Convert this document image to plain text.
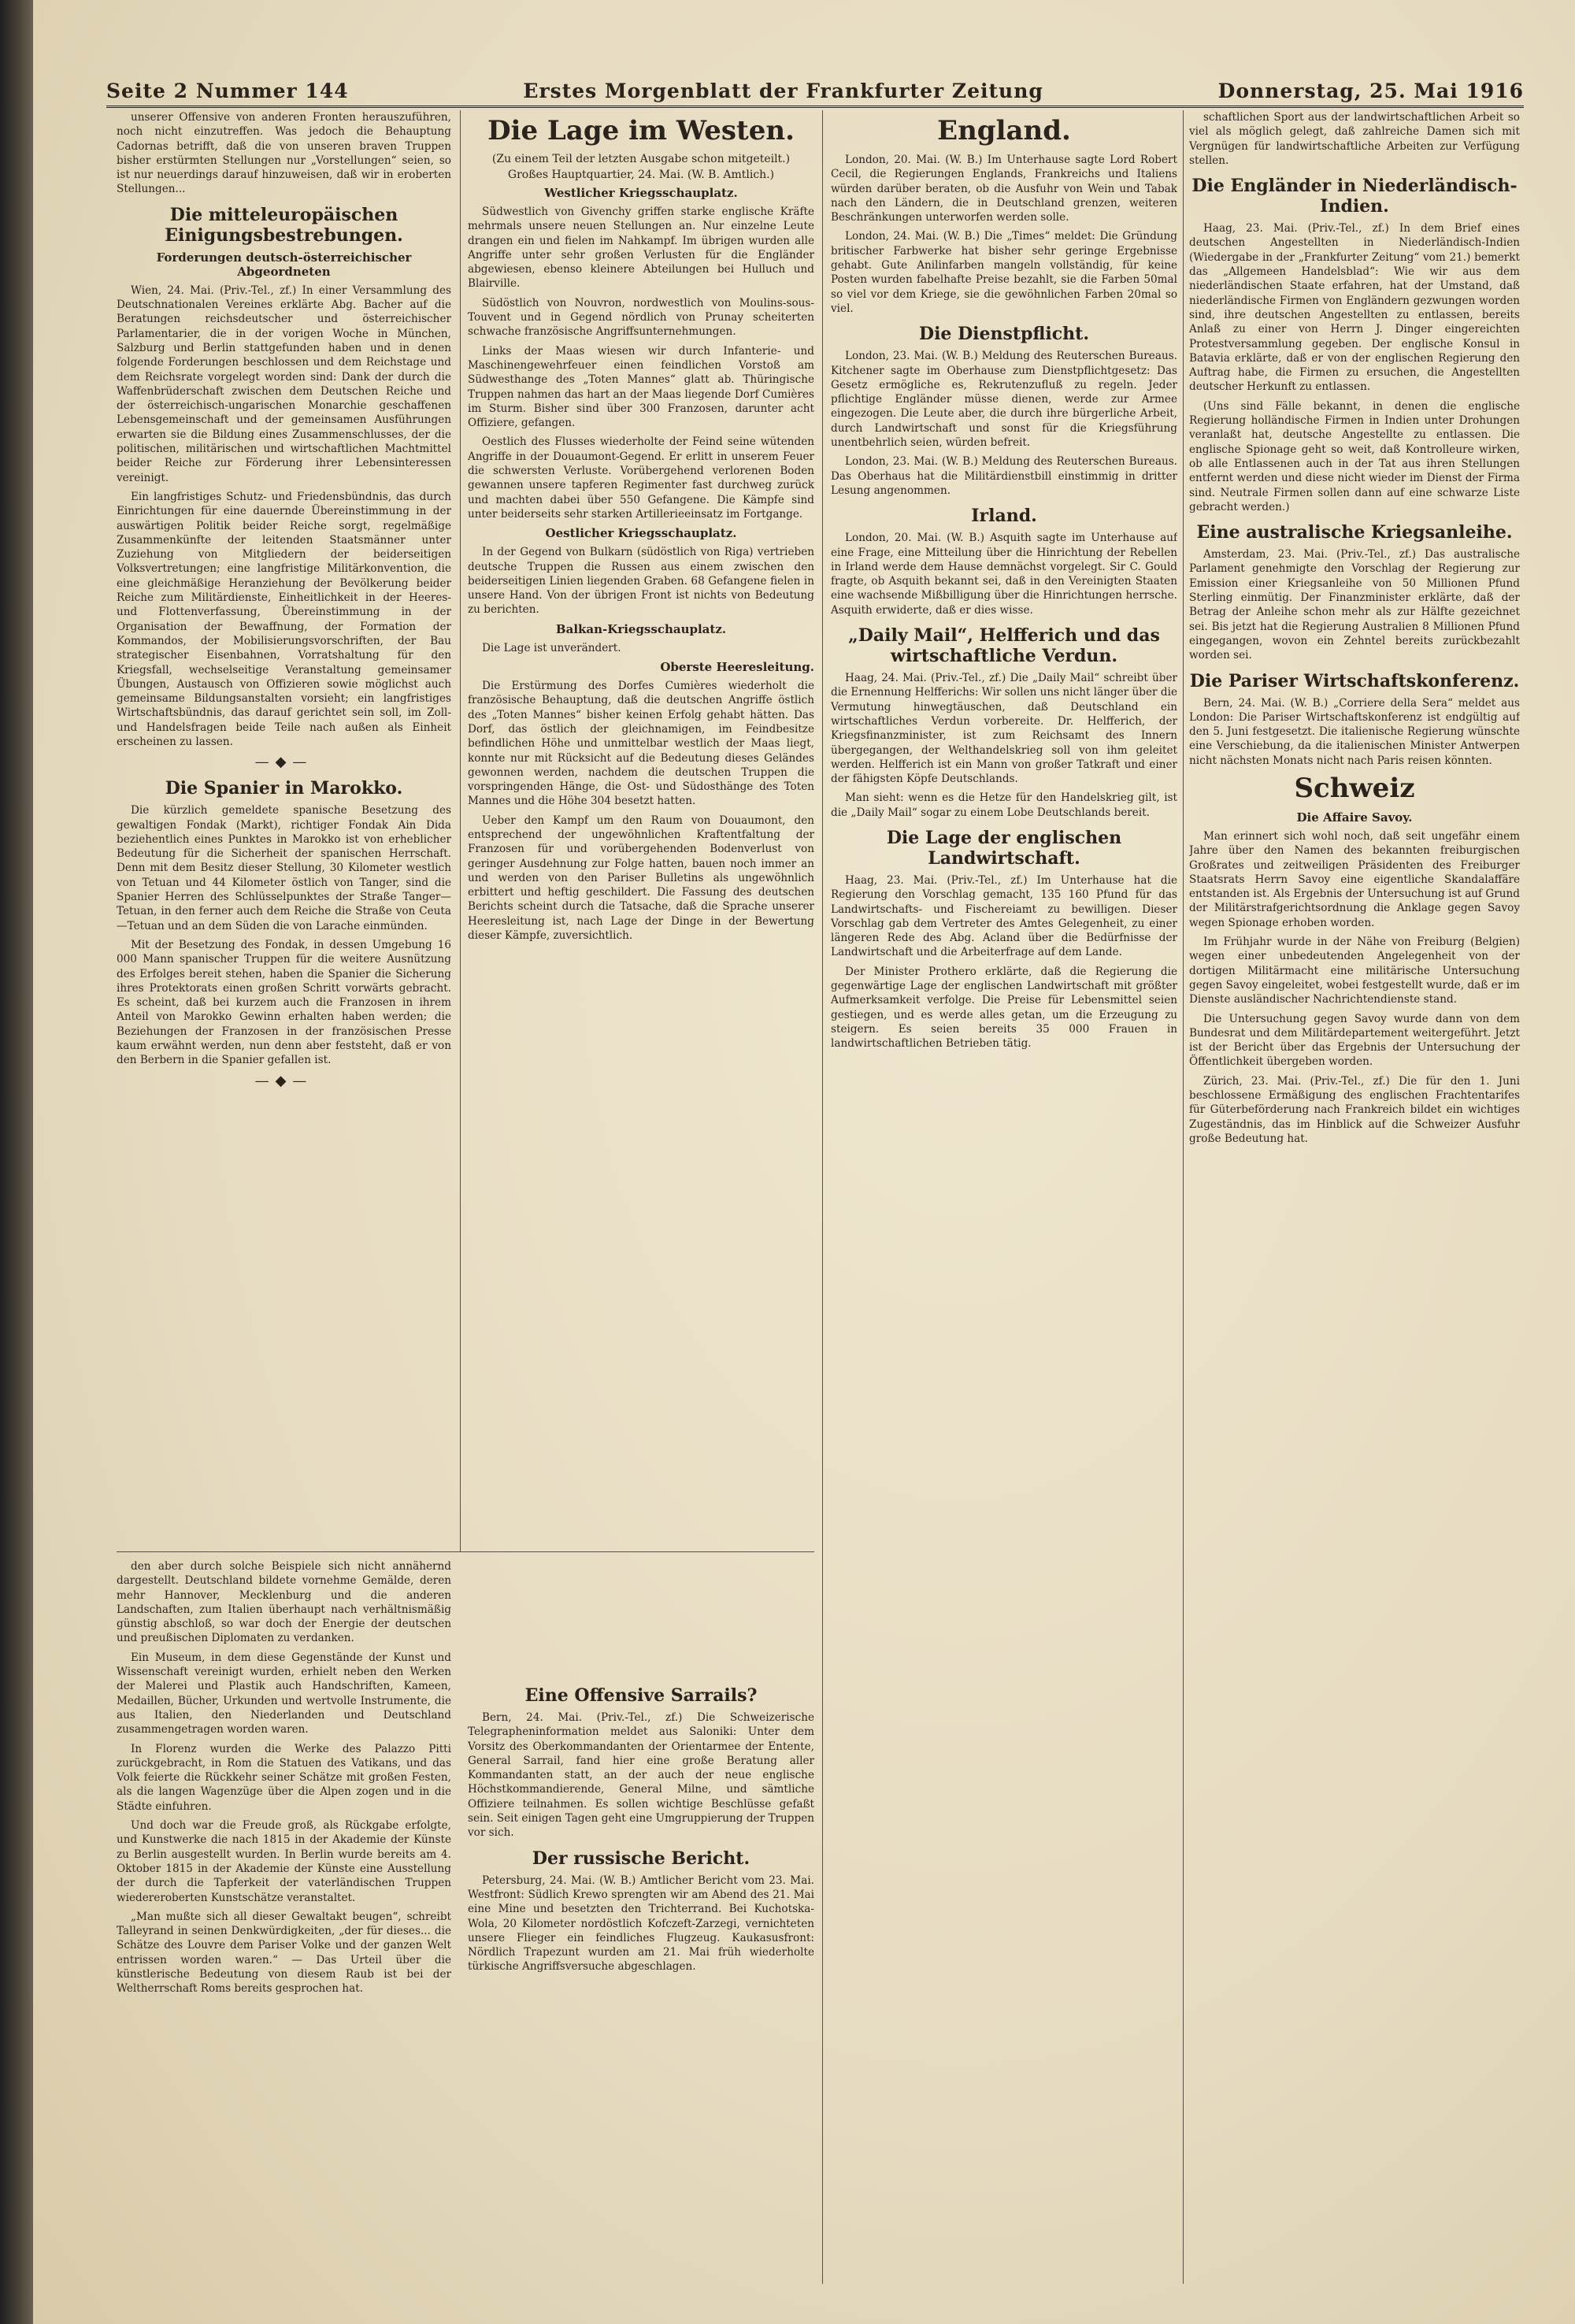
Seite 2 Nummer 144	Erstes Morgenblatt der Frankfurter Zeitung	Donnerstag, 25. Mai 1916

unserer Offensive von anderen Fronten herauszuführen, noch nicht einzutreffen. Was jedoch die Behauptung Cadornas betrifft, daß die von unseren braven Truppen bisher erstürmten Stellungen nur „Vorstellungen“ seien, so ist nur neuerdings darauf hinzuweisen, daß wir in eroberten Stellungen...

Die mitteleuropäischen Einigungsbestrebungen.
Forderungen deutsch-österreichischer Abgeordneten

Wien, 24. Mai. (Priv.-Tel., zf.) In einer Versammlung des Deutschnationalen Vereines erklärte Abg. Bacher auf die Beratungen reichsdeutscher und österreichischer Parlamentarier, die in der vorigen Woche in München, Salzburg und Berlin stattgefunden haben und in denen folgende Forderungen beschlossen und dem Reichstage und dem Reichsrate vorgelegt worden sind: Dank der durch die Waffenbrüderschaft zwischen dem Deutschen Reiche und der österreichisch-ungarischen Monarchie geschaffenen Lebensgemeinschaft und der gemeinsamen Ausführungen erwarten sie die Bildung eines Zusammenschlusses, der die politischen, militärischen und wirtschaftlichen Machtmittel beider Reiche zur Förderung ihrer Lebensinteressen vereinigt.

Ein langfristiges Schutz- und Friedensbündnis, das durch Einrichtungen für eine dauernde Übereinstimmung in der auswärtigen Politik beider Reiche sorgt, regelmäßige Zusammenkünfte der leitenden Staatsmänner unter Zuziehung von Mitgliedern der beiderseitigen Volksvertretungen; eine langfristige Militärkonvention, die eine gleichmäßige Heranziehung der Bevölkerung beider Reiche zum Militärdienste, Einheitlichkeit in der Heeres- und Flottenverfassung, Übereinstimmung in der Organisation der Bewaffnung, der Formation der Kommandos, der Mobilisierungsvorschriften, der Bau strategischer Eisenbahnen, Vorratshaltung für den Kriegsfall, wechselseitige Veranstaltung gemeinsamer Übungen, Austausch von Offizieren sowie möglichst auch gemeinsame Bildungsanstalten vorsieht; ein langfristiges Wirtschaftsbündnis, das darauf gerichtet sein soll, im Zoll- und Handelsfragen beide Teile nach außen als Einheit erscheinen zu lassen.

—◆—
Die Spanier in Marokko.

Die kürzlich gemeldete spanische Besetzung des gewaltigen Fondak (Markt), richtiger Fondak Ain Dida beziehentlich eines Punktes in Marokko ist von erheblicher Bedeutung für die Sicherheit der spanischen Herrschaft. Denn mit dem Besitz dieser Stellung, 30 Kilometer westlich von Tetuan und 44 Kilometer östlich von Tanger, sind die Spanier Herren des Schlüsselpunktes der Straße Tanger—Tetuan, in den ferner auch dem Reiche die Straße von Ceuta—Tetuan und an dem Süden die von Larache einmünden.

Mit der Besetzung des Fondak, in dessen Umgebung 16 000 Mann spanischer Truppen für die weitere Ausnützung des Erfolges bereit stehen, haben die Spanier die Sicherung ihres Protektorats einen großen Schritt vorwärts gebracht. Es scheint, daß bei kurzem auch die Franzosen in ihrem Anteil von Marokko Gewinn erhalten haben werden; die Beziehungen der Franzosen in der französischen Presse kaum erwähnt werden, nun denn aber feststeht, daß er von den Berbern in die Spanier gefallen ist.

—◆—
Die Lage im Westen.
(Zu einem Teil der letzten Ausgabe schon mitgeteilt.)
Großes Hauptquartier, 24. Mai. (W. B. Amtlich.)
Westlicher Kriegsschauplatz.

Südwestlich von Givenchy griffen starke englische Kräfte mehrmals unsere neuen Stellungen an. Nur einzelne Leute drangen ein und fielen im Nahkampf. Im übrigen wurden alle Angriffe unter sehr großen Verlusten für die Engländer abgewiesen, ebenso kleinere Abteilungen bei Hulluch und Blairville.

Südöstlich von Nouvron, nordwestlich von Moulins-sous-Touvent und in Gegend nördlich von Prunay scheiterten schwache französische Angriffsunternehmungen.

Links der Maas wiesen wir durch Infanterie- und Maschinengewehrfeuer einen feindlichen Vorstoß am Südwesthange des „Toten Mannes“ glatt ab. Thüringische Truppen nahmen das hart an der Maas liegende Dorf Cumières im Sturm. Bisher sind über 300 Franzosen, darunter acht Offiziere, gefangen.

Oestlich des Flusses wiederholte der Feind seine wütenden Angriffe in der Douaumont-Gegend. Er erlitt in unserem Feuer die schwersten Verluste. Vorübergehend verlorenen Boden gewannen unsere tapferen Regimenter fast durchweg zurück und machten dabei über 550 Gefangene. Die Kämpfe sind unter beiderseits sehr starken Artillerieeinsatz im Fortgange.

Oestlicher Kriegsschauplatz.

In der Gegend von Bulkarn (südöstlich von Riga) vertrieben deutsche Truppen die Russen aus einem zwischen den beiderseitigen Linien liegenden Graben. 68 Gefangene fielen in unsere Hand. Von der übrigen Front ist nichts von Bedeutung zu berichten.

Balkan-Kriegsschauplatz.

Die Lage ist unverändert.

Oberste Heeresleitung.

Die Erstürmung des Dorfes Cumières wiederholt die französische Behauptung, daß die deutschen Angriffe östlich des „Toten Mannes“ bisher keinen Erfolg gehabt hätten. Das Dorf, das östlich der gleichnamigen, im Feindbesitze befindlichen Höhe und unmittelbar westlich der Maas liegt, konnte nur mit Rücksicht auf die Bedeutung dieses Geländes gewonnen werden, nachdem die deutschen Truppen die vorspringenden Hänge, die Ost- und Südosthänge des Toten Mannes und die Höhe 304 besetzt hatten.

Ueber den Kampf um den Raum von Douaumont, den entsprechend der ungewöhnlichen Kraftentfaltung der Franzosen für und vorübergehenden Bodenverlust von geringer Ausdehnung zur Folge hatten, bauen noch immer an und werden von den Pariser Bulletins als ungewöhnlich erbittert und heftig geschildert. Die Fassung des deutschen Berichts scheint durch die Tatsache, daß die Sprache unserer Heeresleitung ist, nach Lage der Dinge in der Bewertung dieser Kämpfe, zuversichtlich.

Eine Offensive Sarrails?

Bern, 24. Mai. (Priv.-Tel., zf.) Die Schweizerische Telegrapheninformation meldet aus Saloniki: Unter dem Vorsitz des Oberkommandanten der Orientarmee der Entente, General Sarrail, fand hier eine große Beratung aller Kommandanten statt, an der auch der neue englische Höchstkommandierende, General Milne, und sämtliche Offiziere teilnahmen. Es sollen wichtige Beschlüsse gefaßt sein. Seit einigen Tagen geht eine Umgruppierung der Truppen vor sich.

Der russische Bericht.

Petersburg, 24. Mai. (W. B.) Amtlicher Bericht vom 23. Mai. Westfront: Südlich Krewo sprengten wir am Abend des 21. Mai eine Mine und besetzten den Trichterrand. Bei Kuchotska-Wola, 20 Kilometer nordöstlich Kofczeft-Zarzegi, vernichteten unsere Flieger ein feindliches Flugzeug. Kaukasusfront: Nördlich Trapezunt wurden am 21. Mai früh wiederholte türkische Angriffsversuche abgeschlagen.

den aber durch solche Beispiele sich nicht annähernd dargestellt. Deutschland bildete vornehme Gemälde, deren mehr Hannover, Mecklenburg und die anderen Landschaften, zum Italien überhaupt nach verhältnismäßig günstig abschloß, so war doch der Energie der deutschen und preußischen Diplomaten zu verdanken.

Ein Museum, in dem diese Gegenstände der Kunst und Wissenschaft vereinigt wurden, erhielt neben den Werken der Malerei und Plastik auch Handschriften, Kameen, Medaillen, Bücher, Urkunden und wertvolle Instrumente, die aus Italien, den Niederlanden und Deutschland zusammengetragen worden waren.

In Florenz wurden die Werke des Palazzo Pitti zurückgebracht, in Rom die Statuen des Vatikans, und das Volk feierte die Rückkehr seiner Schätze mit großen Festen, als die langen Wagenzüge über die Alpen zogen und in die Städte einfuhren.

Und doch war die Freude groß, als Rückgabe erfolgte, und Kunstwerke die nach 1815 in der Akademie der Künste zu Berlin ausgestellt wurden. In Berlin wurde bereits am 4. Oktober 1815 in der Akademie der Künste eine Ausstellung der durch die Tapferkeit der vaterländischen Truppen wiedereroberten Kunstschätze veranstaltet.

„Man mußte sich all dieser Gewaltakt beugen“, schreibt Talleyrand in seinen Denkwürdigkeiten, „der für dieses... die Schätze des Louvre dem Pariser Volke und der ganzen Welt entrissen worden waren.“ — Das Urteil über die künstlerische Bedeutung von diesem Raub ist bei der Weltherrschaft Roms bereits gesprochen hat.

England.

London, 20. Mai. (W. B.) Im Unterhause sagte Lord Robert Cecil, die Regierungen Englands, Frankreichs und Italiens würden darüber beraten, ob die Ausfuhr von Wein und Tabak nach den Ländern, die in Deutschland grenzen, weiteren Beschränkungen unterworfen werden solle.

London, 24. Mai. (W. B.) Die „Times“ meldet: Die Gründung britischer Farbwerke hat bisher sehr geringe Ergebnisse gehabt. Gute Anilinfarben mangeln vollständig, für keine Posten wurden fabelhafte Preise bezahlt, sie die Farben 50mal so viel vor dem Kriege, sie die gewöhnlichen Farben 20mal so viel.

Die Dienstpflicht.

London, 23. Mai. (W. B.) Meldung des Reuterschen Bureaus. Kitchener sagte im Oberhause zum Dienstpflichtgesetz: Das Gesetz ermögliche es, Rekrutenzufluß zu regeln. Jeder pflichtige Engländer müsse dienen, werde zur Armee eingezogen. Die Leute aber, die durch ihre bürgerliche Arbeit, durch Landwirtschaft und sonst für die Kriegsführung unentbehrlich seien, würden befreit.

London, 23. Mai. (W. B.) Meldung des Reuterschen Bureaus. Das Oberhaus hat die Militärdienstbill einstimmig in dritter Lesung angenommen.

Irland.

London, 20. Mai. (W. B.) Asquith sagte im Unterhause auf eine Frage, eine Mitteilung über die Hinrichtung der Rebellen in Irland werde dem Hause demnächst vorgelegt. Sir C. Gould fragte, ob Asquith bekannt sei, daß in den Vereinigten Staaten eine wachsende Mißbilligung über die Hinrichtungen herrsche. Asquith erwiderte, daß er dies wisse.

„Daily Mail“, Helfferich und das wirtschaftliche Verdun.

Haag, 24. Mai. (Priv.-Tel., zf.) Die „Daily Mail“ schreibt über die Ernennung Helfferichs: Wir sollen uns nicht länger über die Vermutung hinwegtäuschen, daß Deutschland ein wirtschaftliches Verdun vorbereite. Dr. Helfferich, der Kriegsfinanzminister, ist zum Reichsamt des Innern übergegangen, der Welthandelskrieg soll von ihm geleitet werden. Helfferich ist ein Mann von großer Tatkraft und einer der fähigsten Köpfe Deutschlands.

Man sieht: wenn es die Hetze für den Handelskrieg gilt, ist die „Daily Mail“ sogar zu einem Lobe Deutschlands bereit.

Die Lage der englischen Landwirtschaft.

Haag, 23. Mai. (Priv.-Tel., zf.) Im Unterhause hat die Regierung den Vorschlag gemacht, 135 160 Pfund für das Landwirtschafts- und Fischereiamt zu bewilligen. Dieser Vorschlag gab dem Vertreter des Amtes Gelegenheit, zu einer längeren Rede des Abg. Acland über die Bedürfnisse der Landwirtschaft und die Arbeiterfrage auf dem Lande.

Der Minister Prothero erklärte, daß die Regierung die gegenwärtige Lage der englischen Landwirtschaft mit größter Aufmerksamkeit verfolge. Die Preise für Lebensmittel seien gestiegen, und es werde alles getan, um die Erzeugung zu steigern. Es seien bereits 35 000 Frauen in landwirtschaftlichen Betrieben tätig.

schaftlichen Sport aus der landwirtschaftlichen Arbeit so viel als möglich gelegt, daß zahlreiche Damen sich mit Vergnügen für landwirtschaftliche Arbeiten zur Verfügung stellen.

Die Engländer in Niederländisch-Indien.

Haag, 23. Mai. (Priv.-Tel., zf.) In dem Brief eines deutschen Angestellten in Niederländisch-Indien (Wiedergabe in der „Frankfurter Zeitung“ vom 21.) bemerkt das „Allgemeen Handelsblad“: Wie wir aus dem niederländischen Staate erfahren, hat der Umstand, daß niederländische Firmen von Engländern gezwungen worden sind, ihre deutschen Angestellten zu entlassen, bereits Anlaß zu einer von Herrn J. Dinger eingereichten Protestversammlung gegeben. Der englische Konsul in Batavia erklärte, daß er von der englischen Regierung den Auftrag habe, die Firmen zu ersuchen, die Angestellten deutscher Herkunft zu entlassen.

(Uns sind Fälle bekannt, in denen die englische Regierung holländische Firmen in Indien unter Drohungen veranlaßt hat, deutsche Angestellte zu entlassen. Die englische Spionage geht so weit, daß Kontrolleure wirken, ob alle Entlassenen auch in der Tat aus ihren Stellungen entfernt werden und diese nicht wieder im Dienst der Firma sind. Neutrale Firmen sollen dann auf eine schwarze Liste gebracht werden.)

Eine australische Kriegsanleihe.

Amsterdam, 23. Mai. (Priv.-Tel., zf.) Das australische Parlament genehmigte den Vorschlag der Regierung zur Emission einer Kriegsanleihe von 50 Millionen Pfund Sterling einmütig. Der Finanzminister erklärte, daß der Betrag der Anleihe schon mehr als zur Hälfte gezeichnet sei. Bis jetzt hat die Regierung Australien 8 Millionen Pfund eingegangen, wovon ein Zehntel bereits zurückbezahlt worden sei.

Die Pariser Wirtschaftskonferenz.

Bern, 24. Mai. (W. B.) „Corriere della Sera“ meldet aus London: Die Pariser Wirtschaftskonferenz ist endgültig auf den 5. Juni festgesetzt. Die italienische Regierung wünschte eine Verschiebung, da die italienischen Minister Antwerpen nicht nächsten Monats nicht nach Paris reisen könnten.

Schweiz
Die Affaire Savoy.

Man erinnert sich wohl noch, daß seit ungefähr einem Jahre über den Namen des bekannten freiburgischen Großrates und zeitweiligen Präsidenten des Freiburger Staatsrats Herrn Savoy eine eigentliche Skandalaffäre entstanden ist. Als Ergebnis der Untersuchung ist auf Grund der Militärstrafgerichtsordnung die Anklage gegen Savoy wegen Spionage erhoben worden.

Im Frühjahr wurde in der Nähe von Freiburg (Belgien) wegen einer unbedeutenden Angelegenheit von der dortigen Militärmacht eine militärische Untersuchung gegen Savoy eingeleitet, wobei festgestellt wurde, daß er im Dienste ausländischer Nachrichtendienste stand.

Die Untersuchung gegen Savoy wurde dann von dem Bundesrat und dem Militärdepartement weitergeführt. Jetzt ist der Bericht über das Ergebnis der Untersuchung der Öffentlichkeit übergeben worden.

Zürich, 23. Mai. (Priv.-Tel., zf.) Die für den 1. Juni beschlossene Ermäßigung des englischen Frachtentarifes für Güterbeförderung nach Frankreich bildet ein wichtiges Zugeständnis, das im Hinblick auf die Schweizer Ausfuhr große Bedeutung hat.
